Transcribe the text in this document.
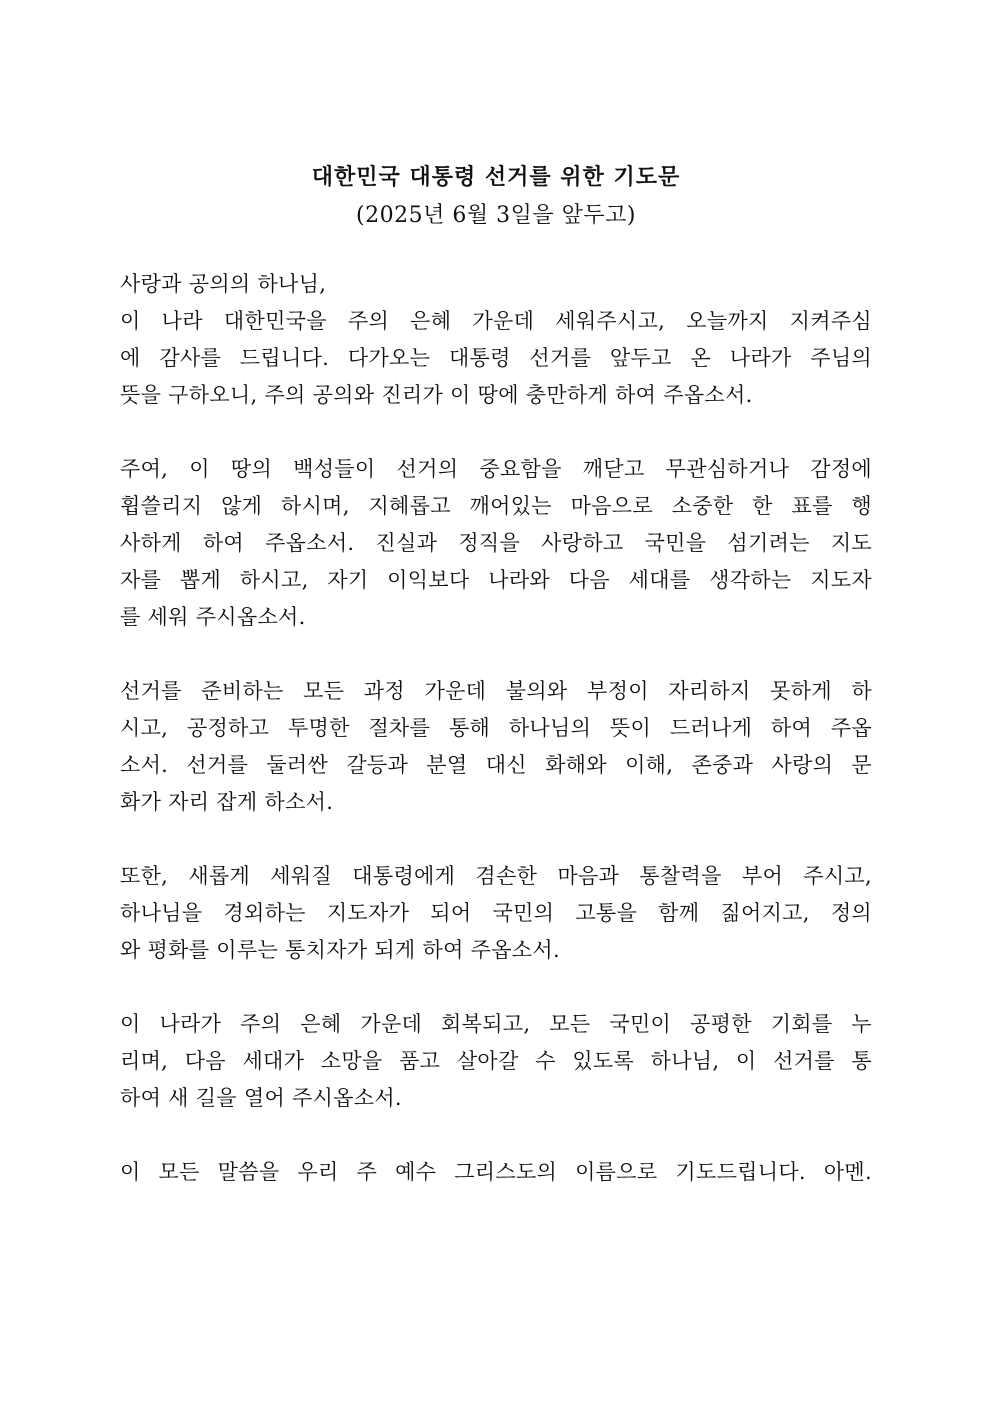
대한민국 대통령 선거를 위한 기도문
(2025년 6월 3일을 앞두고)

사랑과 공의의 하나님,
이 나라 대한민국을 주의 은혜 가운데 세워주시고, 오늘까지 지켜주심
에 감사를 드립니다. 다가오는 대통령 선거를 앞두고 온 나라가 주님의
뜻을 구하오니, 주의 공의와 진리가 이 땅에 충만하게 하여 주옵소서.

주여, 이 땅의 백성들이 선거의 중요함을 깨닫고 무관심하거나 감정에
휩쓸리지 않게 하시며, 지혜롭고 깨어있는 마음으로 소중한 한 표를 행
사하게 하여 주옵소서. 진실과 정직을 사랑하고 국민을 섬기려는 지도
자를 뽑게 하시고, 자기 이익보다 나라와 다음 세대를 생각하는 지도자
를 세워 주시옵소서.

선거를 준비하는 모든 과정 가운데 불의와 부정이 자리하지 못하게 하
시고, 공정하고 투명한 절차를 통해 하나님의 뜻이 드러나게 하여 주옵
소서. 선거를 둘러싼 갈등과 분열 대신 화해와 이해, 존중과 사랑의 문
화가 자리 잡게 하소서.

또한, 새롭게 세워질 대통령에게 겸손한 마음과 통찰력을 부어 주시고,
하나님을 경외하는 지도자가 되어 국민의 고통을 함께 짊어지고, 정의
와 평화를 이루는 통치자가 되게 하여 주옵소서.

이 나라가 주의 은혜 가운데 회복되고, 모든 국민이 공평한 기회를 누
리며, 다음 세대가 소망을 품고 살아갈 수 있도록 하나님, 이 선거를 통
하여 새 길을 열어 주시옵소서.

이 모든 말씀을 우리 주 예수 그리스도의 이름으로 기도드립니다. 아멘.
